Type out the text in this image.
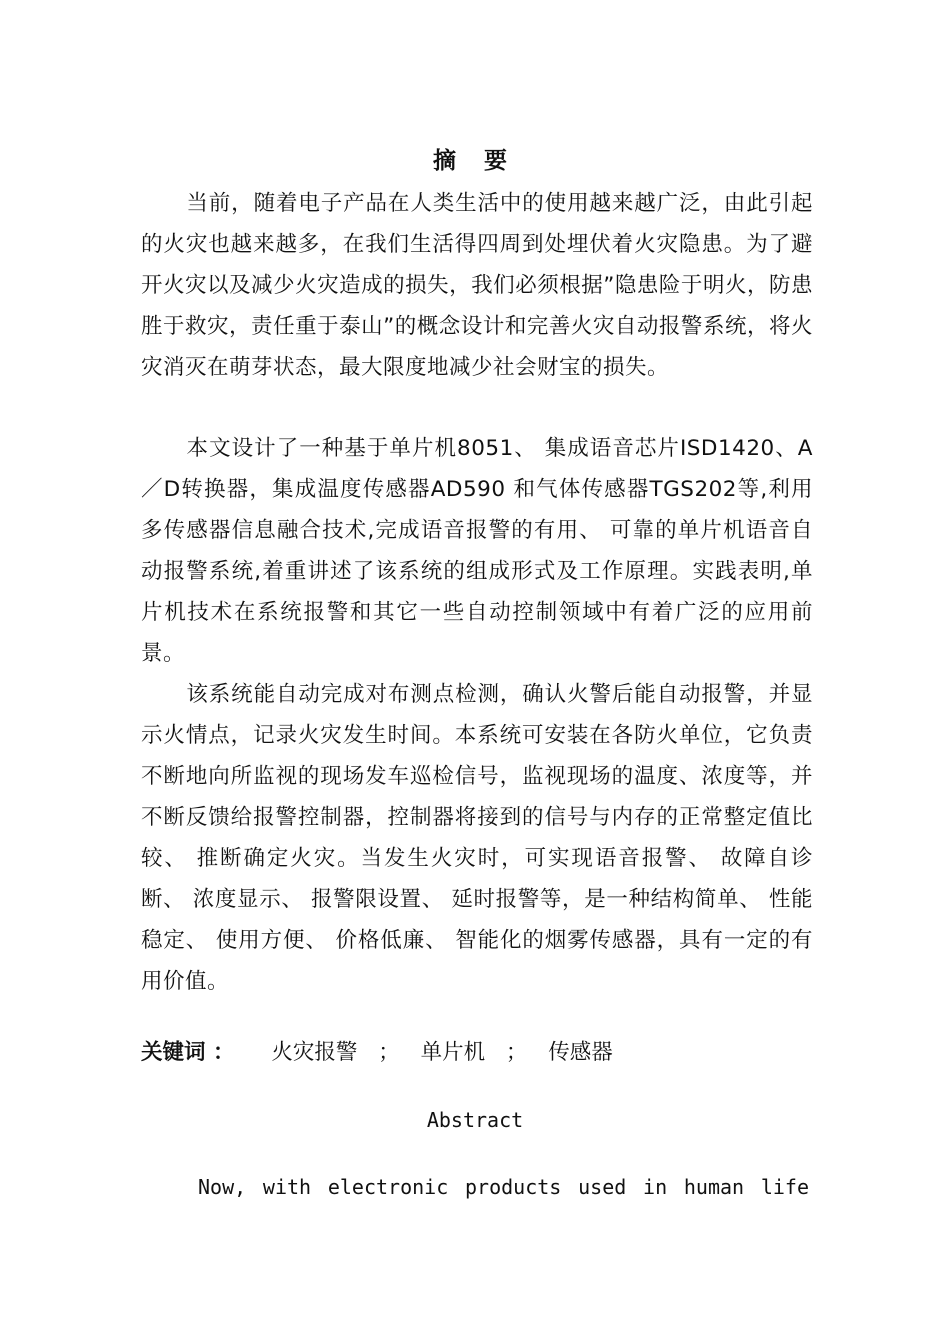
摘 要

当前，随着电子产品在人类生活中的使用越来越广泛，由此引起的火灾也越来越多，在我们生活得四周到处埋伏着火灾隐患。为了避开火灾以及减少火灾造成的损失，我们必须根据”隐患险于明火，防患胜于救灾，责任重于泰山”的概念设计和完善火灾自动报警系统，将火灾消灭在萌芽状态，最大限度地减少社会财宝的损失。

本文设计了一种基于单片机8051、 集成语音芯片ISD1420、A／D转换器，集成温度传感器AD590 和气体传感器TGS202等,利用多传感器信息融合技术,完成语音报警的有用、 可靠的单片机语音自动报警系统,着重讲述了该系统的组成形式及工作原理。实践表明,单片机技术在系统报警和其它一些自动控制领域中有着广泛的应用前景。

该系统能自动完成对布测点检测，确认火警后能自动报警，并显示火情点，记录火灾发生时间。本系统可安装在各防火单位，它负责不断地向所监视的现场发车巡检信号，监视现场的温度、浓度等，并不断反馈给报警控制器，控制器将接到的信号与内存的正常整定值比较、 推断确定火灾。当发生火灾时，可实现语音报警、 故障自诊断、 浓度显示、 报警限设置、 延时报警等，是一种结构简单、 性能稳定、 使用方便、 价格低廉、 智能化的烟雾传感器，具有一定的有用价值。

关键词 ： 火灾报警 ； 单片机 ； 传感器
Abstract
Now, with electronic products used in human life
